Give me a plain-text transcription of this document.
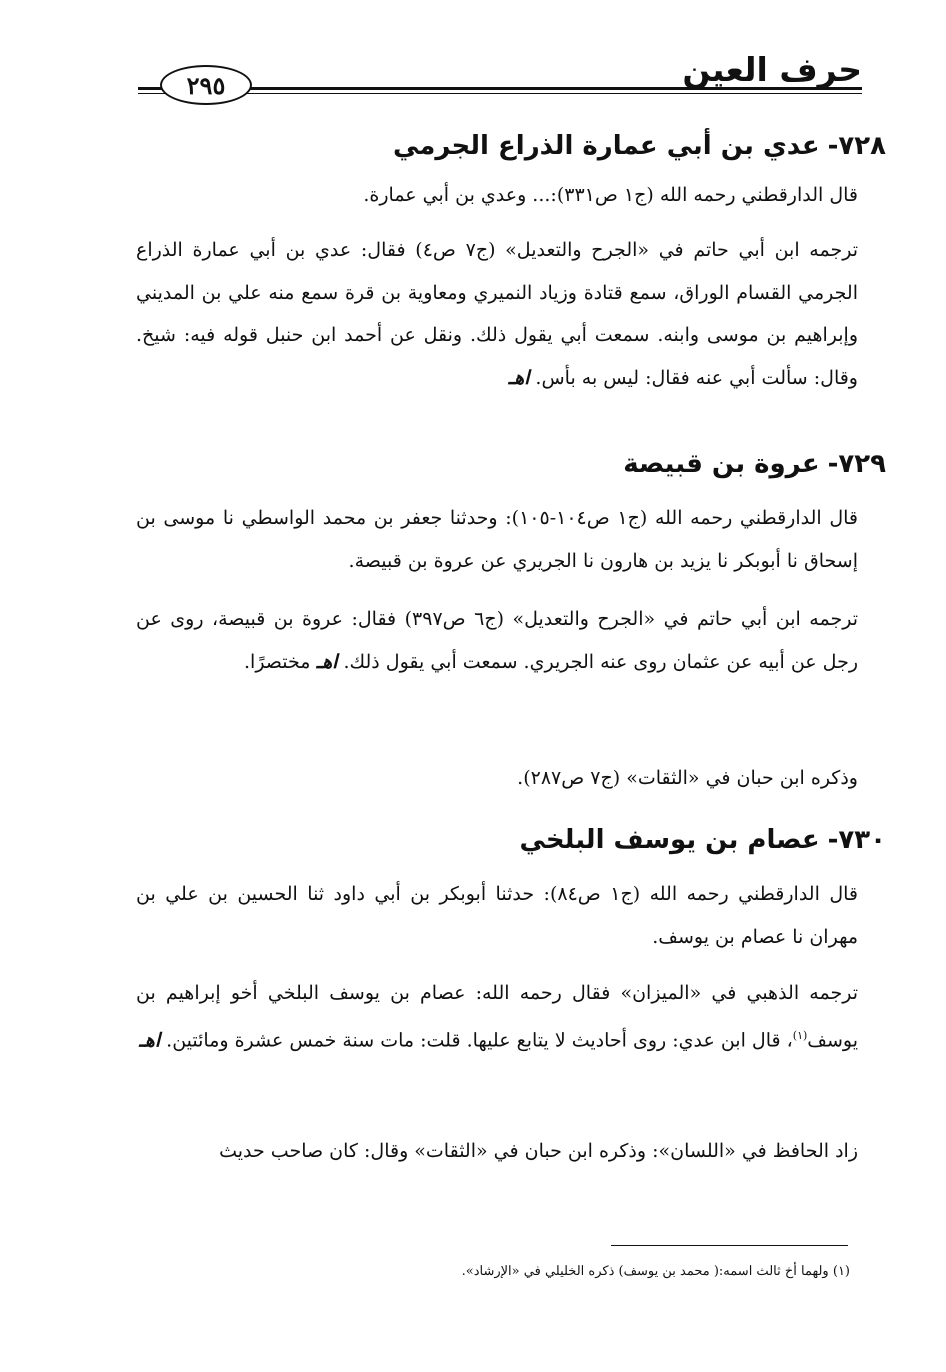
حرف العين
٢٩٥
٧٢٨-عدي بن أبي عمارة الذراع الجرمي
قال الدارقطني رحمه الله (ج١ ص٣٣١):... وعدي بن أبي عمارة.
ترجمه ابن أبي حاتم في «الجرح والتعديل» (ج٧ ص٤) فقال: عدي بن أبي عمارة الذراع الجرمي القسام الوراق، سمع قتادة وزياد النميري ومعاوية بن قرة سمع منه علي بن المديني وإبراهيم بن موسى وابنه. سمعت أبي يقول ذلك. ونقل عن أحمد ابن حنبل قوله فيه: شيخ. وقال: سألت أبي عنه فقال: ليس به بأس. اهـ
٧٢٩-عروة بن قبيصة
قال الدارقطني رحمه الله (ج١ ص١٠٤-١٠٥): وحدثنا جعفر بن محمد الواسطي نا موسى بن إسحاق نا أبوبكر نا يزيد بن هارون نا الجريري عن عروة بن قبيصة.
ترجمه ابن أبي حاتم في «الجرح والتعديل» (ج٦ ص٣٩٧) فقال: عروة بن قبيصة، روى عن رجل عن أبيه عن عثمان روى عنه الجريري. سمعت أبي يقول ذلك. اهـ مختصرًا.
وذكره ابن حبان في «الثقات» (ج٧ ص٢٨٧).
٧٣٠-عصام بن يوسف البلخي
قال الدارقطني رحمه الله (ج١ ص٨٤): حدثنا أبوبكر بن أبي داود ثنا الحسين بن علي بن مهران نا عصام بن يوسف.
ترجمه الذهبي في «الميزان» فقال رحمه الله: عصام بن يوسف البلخي أخو إبراهيم بن يوسف$^{(١)}$، قال ابن عدي: روى أحاديث لا يتابع عليها. قلت: مات سنة خمس عشرة ومائتين. اهـ
زاد الحافظ في «اللسان»: وذكره ابن حبان في «الثقات» وقال: كان صاحب حديث
(١) ولهما أخ ثالث اسمه:( محمد بن يوسف) ذكره الخليلي في «الإرشاد».
